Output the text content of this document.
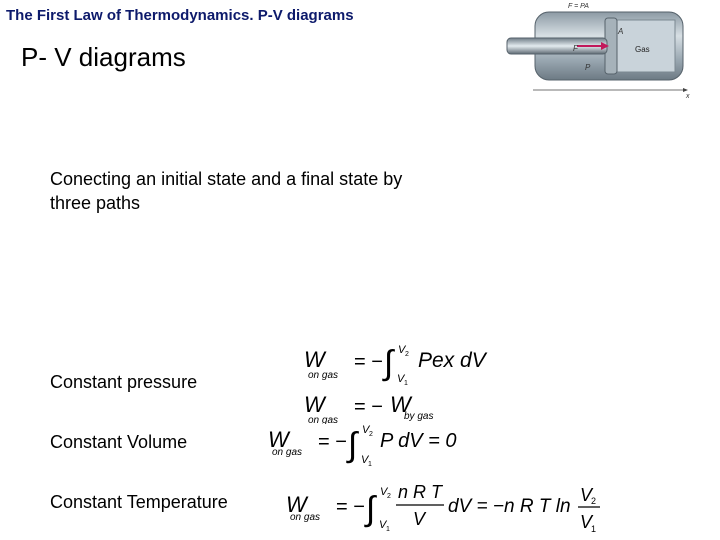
The First Law of Thermodynamics. P-V diagrams
P- V diagrams
Conecting an initial state and a final state by three paths
F = PA
A
F
P
Gas
x
W
on gas
= − ∫ V 2
V 1
Pex dV
W
on gas
= − W
by gas
W
on gas = − ∫ V 2
V 1
P dV = 0
W
on gas = − ∫ V 2
V 1
n R T
V
dV = −n R T ln
V
2
V
1
Constant pressure
Constant Volume
Constant Temperature
